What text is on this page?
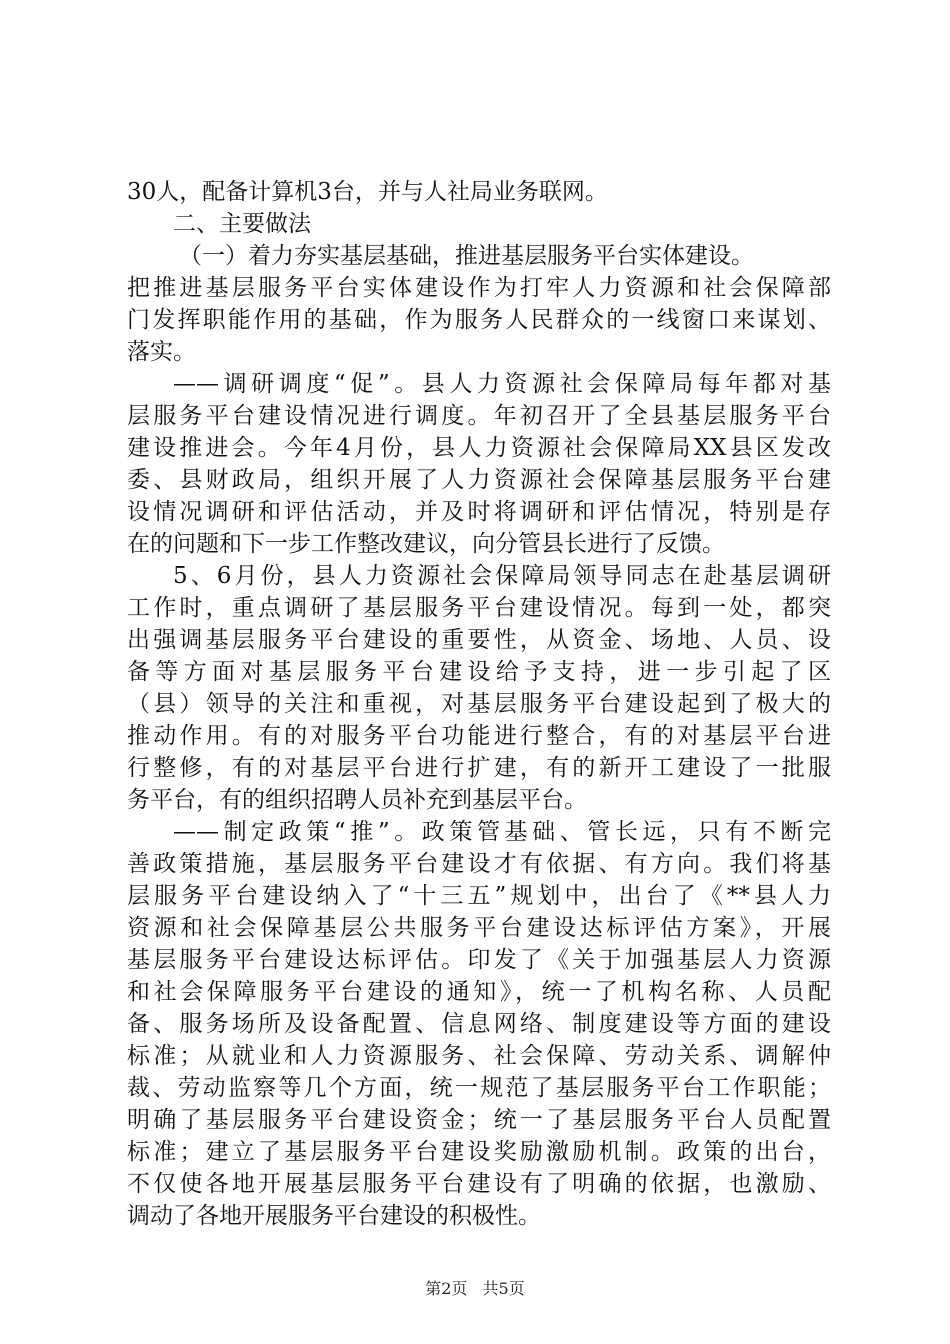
30人，配备计算机3台，并与人社局业务联网。
二、主要做法
（一）着力夯实基层基础，推进基层服务平台实体建设。
把推进基层服务平台实体建设作为打牢人力资源和社会保障部
门发挥职能作用的基础，作为服务人民群众的一线窗口来谋划、
落实。
——调研调度“促”。县人力资源社会保障局每年都对基
层服务平台建设情况进行调度。年初召开了全县基层服务平台
建设推进会。今年4月份，县人力资源社会保障局XX县区发改
委、县财政局，组织开展了人力资源社会保障基层服务平台建
设情况调研和评估活动，并及时将调研和评估情况，特别是存
在的问题和下一步工作整改建议，向分管县长进行了反馈。
5、6月份，县人力资源社会保障局领导同志在赴基层调研
工作时，重点调研了基层服务平台建设情况。每到一处，都突
出强调基层服务平台建设的重要性，从资金、场地、人员、设
备等方面对基层服务平台建设给予支持，进一步引起了区
（县）领导的关注和重视，对基层服务平台建设起到了极大的
推动作用。有的对服务平台功能进行整合，有的对基层平台进
行整修，有的对基层平台进行扩建，有的新开工建设了一批服
务平台，有的组织招聘人员补充到基层平台。
——制定政策“推”。政策管基础、管长远，只有不断完
善政策措施，基层服务平台建设才有依据、有方向。我们将基
层服务平台建设纳入了“十三五”规划中，出台了《**县人力
资源和社会保障基层公共服务平台建设达标评估方案》，开展
基层服务平台建设达标评估。印发了《关于加强基层人力资源
和社会保障服务平台建设的通知》，统一了机构名称、人员配
备、服务场所及设备配置、信息网络、制度建设等方面的建设
标准；从就业和人力资源服务、社会保障、劳动关系、调解仲
裁、劳动监察等几个方面，统一规范了基层服务平台工作职能；
明确了基层服务平台建设资金；统一了基层服务平台人员配置
标准；建立了基层服务平台建设奖励激励机制。政策的出台，
不仅使各地开展基层服务平台建设有了明确的依据，也激励、
调动了各地开展服务平台建设的积极性。
第2页 共5页
